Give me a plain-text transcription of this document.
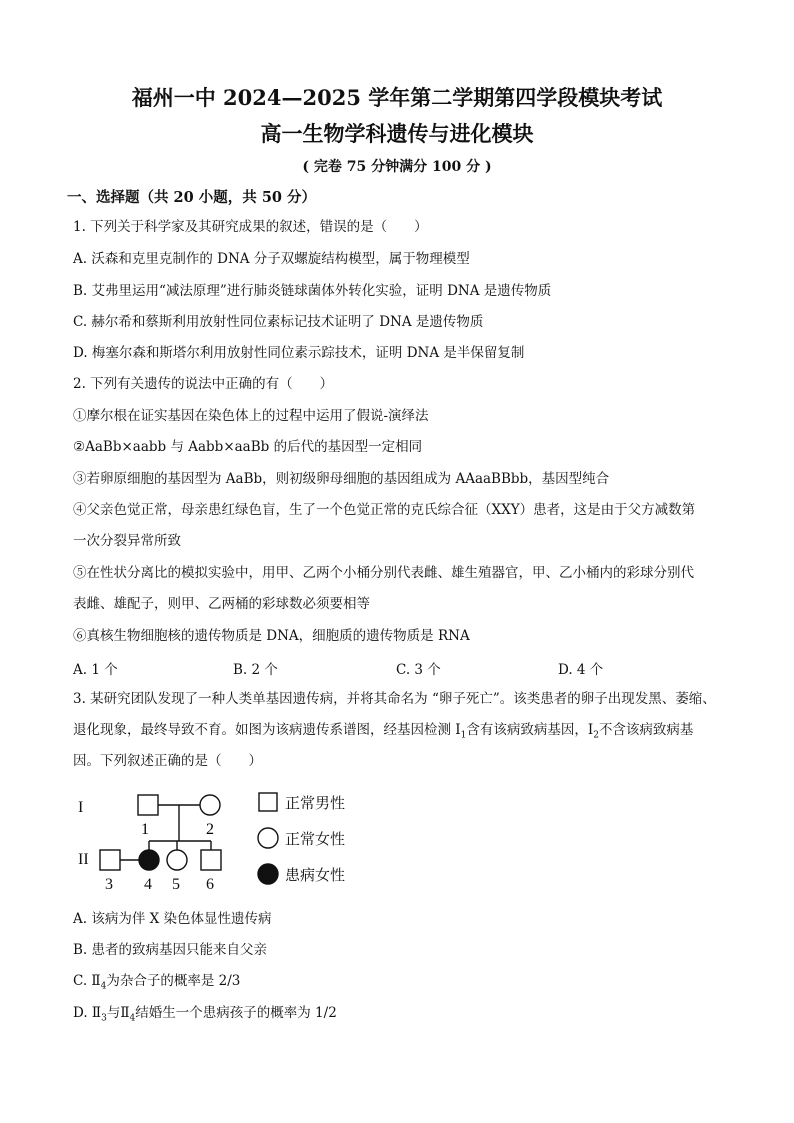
福州一中 2024—2025 学年第二学期第四学段模块考试
高一生物学科遗传与进化模块
( 完卷 75 分钟满分 100 分 )
一、选择题（共 20 小题，共 50 分）
1. 下列关于科学家及其研究成果的叙述，错误的是（　　）
A. 沃森和克里克制作的 DNA 分子双螺旋结构模型，属于物理模型
B. 艾弗里运用“减法原理”进行肺炎链球菌体外转化实验，证明 DNA 是遗传物质
C. 赫尔希和蔡斯利用放射性同位素标记技术证明了 DNA 是遗传物质
D. 梅塞尔森和斯塔尔利用放射性同位素示踪技术，证明 DNA 是半保留复制
2. 下列有关遗传的说法中正确的有（　　）
①摩尔根在证实基因在染色体上的过程中运用了假说-演绎法
②AaBb×aabb 与 Aabb×aaBb 的后代的基因型一定相同
③若卵原细胞的基因型为 AaBb，则初级卵母细胞的基因组成为 AAaaBBbb，基因型纯合
④父亲色觉正常，母亲患红绿色盲，生了一个色觉正常的克氏综合征（XXY）患者，这是由于父方减数第
一次分裂异常所致
⑤在性状分离比的模拟实验中，用甲、乙两个小桶分别代表雌、雄生殖器官，甲、乙小桶内的彩球分别代
表雌、雄配子，则甲、乙两桶的彩球数必须要相等
⑥真核生物细胞核的遗传物质是 DNA，细胞质的遗传物质是 RNA
A. 1 个	B. 2 个	C. 3 个	D. 4 个
3. 某研究团队发现了一种人类单基因遗传病，并将其命名为 “卵子死亡”。该类患者的卵子出现发黑、萎缩、
退化现象，最终导致不育。如图为该病遗传系谱图，经基因检测 $I_1$含有该病致病基因，$I_2$不含该病致病基
因。下列叙述正确的是（　　）
I
II
1	2
3 4 5 6
正常男性
正常女性
患病女性
A. 该病为伴 X 染色体显性遗传病
B. 患者的致病基因只能来自父亲
C. $Ⅱ_4$为杂合子的概率是 2/3
D. $Ⅱ_3$与$Ⅱ_4$结婚生一个患病孩子的概率为 1/2
